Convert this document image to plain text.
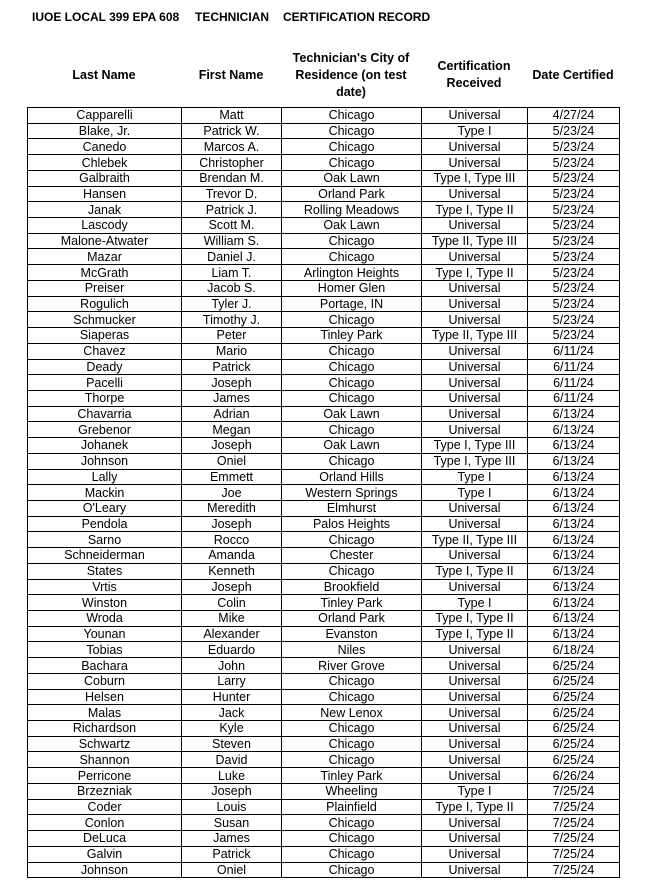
IUOE LOCAL 399 EPA 608 TECHNICIAN CERTIFICATION RECORD
Last Name	First Name	Technician's City of Residence (on test date)	Certification Received	Date Certified
Capparelli	Matt	Chicago	Universal	4/27/24
Blake, Jr.	Patrick W.	Chicago	Type I	5/23/24
Canedo	Marcos A.	Chicago	Universal	5/23/24
Chlebek	Christopher	Chicago	Universal	5/23/24
Galbraith	Brendan M.	Oak Lawn	Type I, Type III	5/23/24
Hansen	Trevor D.	Orland Park	Universal	5/23/24
Janak	Patrick J.	Rolling Meadows	Type I, Type II	5/23/24
Lascody	Scott M.	Oak Lawn	Universal	5/23/24
Malone-Atwater	William S.	Chicago	Type II, Type III	5/23/24
Mazar	Daniel J.	Chicago	Universal	5/23/24
McGrath	Liam T.	Arlington Heights	Type I, Type II	5/23/24
Preiser	Jacob S.	Homer Glen	Universal	5/23/24
Rogulich	Tyler J.	Portage, IN	Universal	5/23/24
Schmucker	Timothy J.	Chicago	Universal	5/23/24
Siaperas	Peter	Tinley Park	Type II, Type III	5/23/24
Chavez	Mario	Chicago	Universal	6/11/24
Deady	Patrick	Chicago	Universal	6/11/24
Pacelli	Joseph	Chicago	Universal	6/11/24
Thorpe	James	Chicago	Universal	6/11/24
Chavarria	Adrian	Oak Lawn	Universal	6/13/24
Grebenor	Megan	Chicago	Universal	6/13/24
Johanek	Joseph	Oak Lawn	Type I, Type III	6/13/24
Johnson	Oniel	Chicago	Type I, Type III	6/13/24
Lally	Emmett	Orland Hills	Type I	6/13/24
Mackin	Joe	Western Springs	Type I	6/13/24
O'Leary	Meredith	Elmhurst	Universal	6/13/24
Pendola	Joseph	Palos Heights	Universal	6/13/24
Sarno	Rocco	Chicago	Type II, Type III	6/13/24
Schneiderman	Amanda	Chester	Universal	6/13/24
States	Kenneth	Chicago	Type I, Type II	6/13/24
Vrtis	Joseph	Brookfield	Universal	6/13/24
Winston	Colin	Tinley Park	Type I	6/13/24
Wroda	Mike	Orland Park	Type I, Type II	6/13/24
Younan	Alexander	Evanston	Type I, Type II	6/13/24
Tobias	Eduardo	Niles	Universal	6/18/24
Bachara	John	River Grove	Universal	6/25/24
Coburn	Larry	Chicago	Universal	6/25/24
Helsen	Hunter	Chicago	Universal	6/25/24
Malas	Jack	New Lenox	Universal	6/25/24
Richardson	Kyle	Chicago	Universal	6/25/24
Schwartz	Steven	Chicago	Universal	6/25/24
Shannon	David	Chicago	Universal	6/25/24
Perricone	Luke	Tinley Park	Universal	6/26/24
Brzezniak	Joseph	Wheeling	Type I	7/25/24
Coder	Louis	Plainfield	Type I, Type II	7/25/24
Conlon	Susan	Chicago	Universal	7/25/24
DeLuca	James	Chicago	Universal	7/25/24
Galvin	Patrick	Chicago	Universal	7/25/24
Johnson	Oniel	Chicago	Universal	7/25/24
